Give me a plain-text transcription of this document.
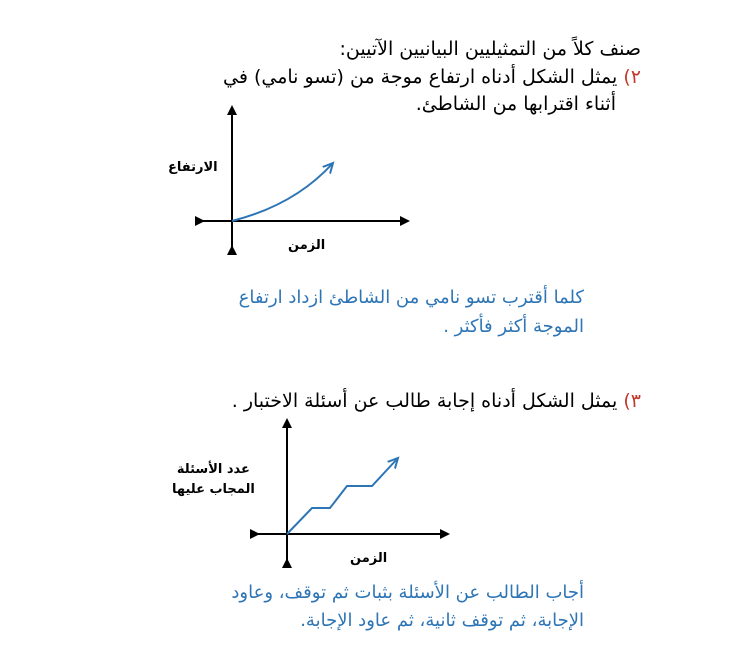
صنف كلاً من التمثيليين البيانيين الآتيين:
٢) يمثل الشكل أدناه ارتفاع موجة من (تسو نامي) في
أثناء اقترابها من الشاطئ.
الارتفاع
الزمن
كلما أقترب تسو نامي من الشاطئ ازداد ارتفاع
الموجة أكثر فأكثر .
٣) يمثل الشكل أدناه إجابة طالب عن أسئلة الاختبار .
عدد الأسئلة
المجاب عليها
الزمن
أجاب الطالب عن الأسئلة بثبات ثم توقف، وعاود
الإجابة، ثم توقف ثانية، ثم عاود الإجابة.
